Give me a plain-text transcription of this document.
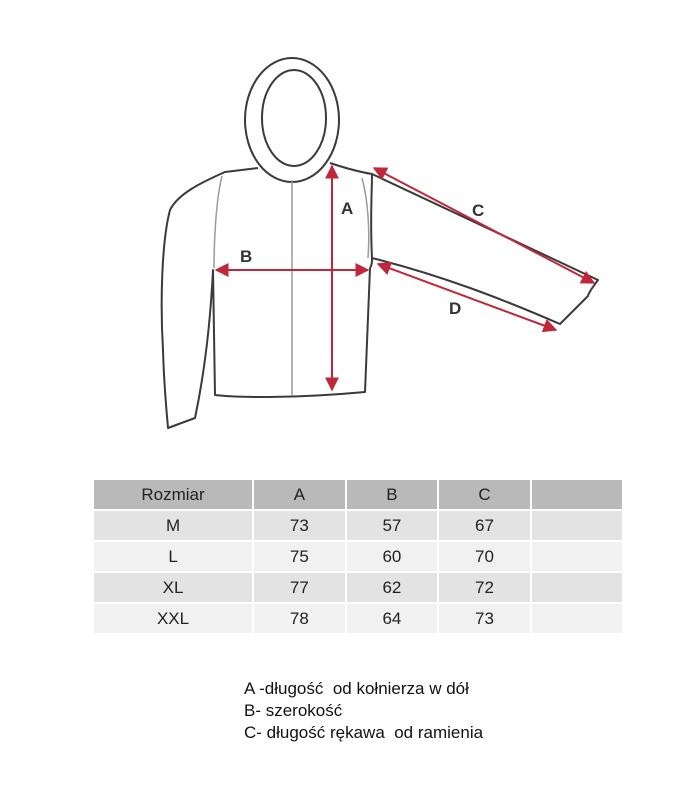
A
B
C
D
Rozmiar	A	B	C	
M	73	57	67	
L	75	60	70	
XL	77	62	72	
XXL	78	64	73	
A -długość  od kołnierza w dół
B- szerokość
C- długość rękawa  od ramienia
